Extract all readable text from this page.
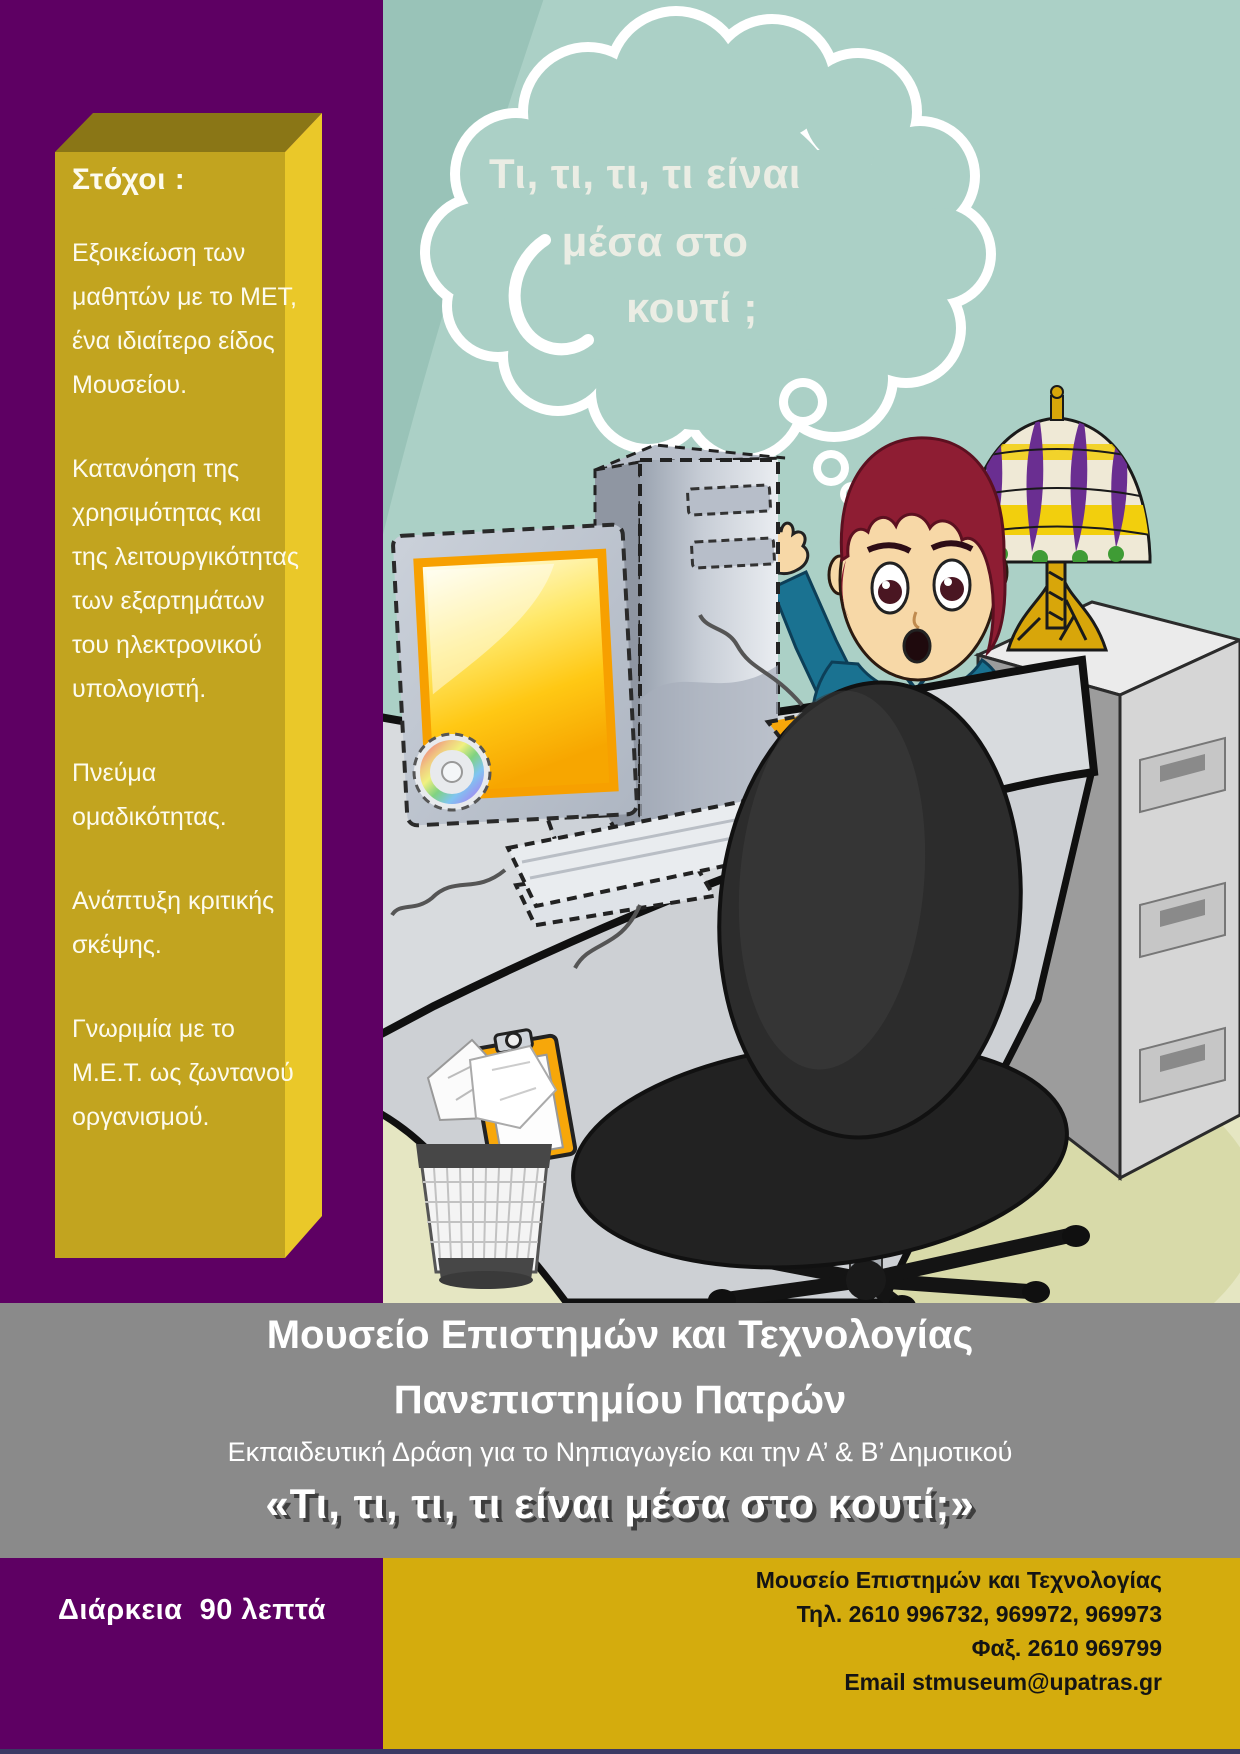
Στόχοι :

Εξοικείωση των μαθητών με το ΜΕΤ, ένα ιδιαίτερο είδος Μουσείου.

Κατανόηση της χρησιμότητας και της λειτουργικότητας των εξαρτημάτων του ηλεκτρονικού υπολογιστή.

Πνεύμα ομαδικότητας.

Ανάπτυξη κριτικής σκέψης.

Γνωριμία με το Μ.Ε.Τ. ως ζωντανού οργανισμού.

Τι, τι, τι, τι είναι
μέσα στο
κουτί ;
Μουσείο Επιστημών και Τεχνολογίας
Πανεπιστημίου Πατρών
Εκπαιδευτική Δράση για το Νηπιαγωγείο και την Α’ & Β’ Δημοτικού
«Τι, τι, τι, τι είναι μέσα στο κουτί;»
Διάρκεια  90 λεπτά
Μουσείο Επιστημών και Τεχνολογίας
Τηλ. 2610 996732, 969972, 969973
Φαξ. 2610 969799
Email stmuseum@upatras.gr
